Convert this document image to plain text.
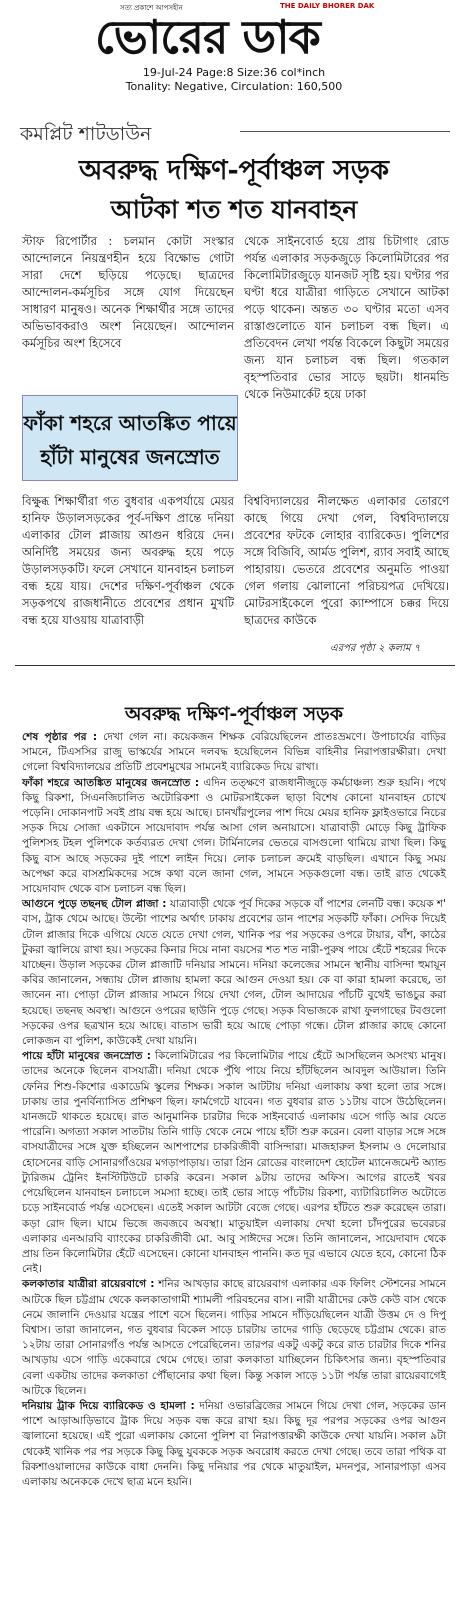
সত্য প্রকাশে আপসহীন	THE DAILY BHORER DAK
ভোরের ডাক
19-Jul-24 Page:8 Size:36 col*inch
Tonality: Negative, Circulation: 160,500
কমপ্লিট শাটডাউন
অবরুদ্ধ দক্ষিণ-পূর্বাঞ্চল সড়ক
আটকা শত শত যানবাহন
স্টাফ রিপোর্টার : চলমান কোটা সংস্কার আন্দোলনে নিয়ন্ত্রণহীন হয়ে বিক্ষোভ গোটা সারা দেশে ছড়িয়ে পড়েছে। ছাত্রদের আন্দোলন-কর্মসূচির সঙ্গে যোগ দিয়েছেন সাধারণ মানুষও। অনেক শিক্ষার্থীর সঙ্গে তাদের অভিভাবকরাও অংশ নিয়েছেন। আন্দোলন কর্মসূচির অংশ হিসেবে
থেকে সাইনবোর্ড হয়ে প্রায় চিটাগাং রোড পর্যন্ত এলাকার সড়কজুড়ে কিলোমিটারের পর কিলোমিটারজুড়ে যানজট সৃষ্টি হয়। ঘণ্টার পর ঘণ্টা ধরে যাত্রীরা গাড়িতে সেখানে আটকা পড়ে থাকেন। অন্তত ৩০ ঘণ্টার মতো এসব রাস্তাগুলোতে যান চলাচল বন্ধ ছিল। এ প্রতিবেদন লেখা পর্যন্ত বিকেলে কিছুটা সময়ের জন্য যান চলাচল বন্ধ ছিল। গতকাল বৃহস্পতিবার ভোর সাড়ে ছয়টা। ধানমন্ডি থেকে নিউমার্কেট হয়ে ঢাকা
ফাঁকা শহরে আতঙ্কিত পায়ে হাঁটা মানুষের জনস্রোত
বিক্ষুব্ধ শিক্ষার্থীরা গত বুধবার একপর্যায়ে মেয়র হানিফ উড়ালসড়কের পূর্ব-দক্ষিণ প্রান্তে দনিয়া এলাকার টোল প্লাজায় আগুন ধরিয়ে দেন। অনির্দিষ্ট সময়ের জন্য অবরুদ্ধ হয়ে পড়ে উড়ালসড়কটি। ফলে সেখানে যানবাহন চলাচল বন্ধ হয়ে যায়। দেশের দক্ষিণ-পূর্বাঞ্চল থেকে সড়কপথে রাজধানীতে প্রবেশের প্রধান মুখটি বন্ধ হয়ে যাওয়ায় যাত্রাবাড়ী
বিশ্ববিদ্যালয়ের নীলক্ষেত এলাকার তোরণে কাছে গিয়ে দেখা গেল, বিশ্ববিদ্যালয়ে প্রবেশের ফটকে লোহার ব্যারিকেড। পুলিশের সঙ্গে বিজিবি, আর্মড পুলিশ, র‍্যাব সবাই আছে পাহারায়। ভেতরে প্রবেশের অনুমতি পাওয়া গেল গলায় ঝোলানো পরিচয়পত্র দেখিয়ে। মোটরসাইকেলে পুরো ক্যাম্পাসে চক্কর দিয়ে ছাত্রদের কাউকে
এরপর পৃষ্ঠা ২ কলাম ৭
অবরুদ্ধ দক্ষিণ-পূর্বাঞ্চল সড়ক
শেষ পৃষ্ঠার পর : দেখা গেল না। কয়েকজন শিক্ষক বেরিয়েছিলেন প্রাতঃভ্রমণে। উপাচার্যের বাড়ির সামনে, টিএসসির রাজু ভাস্কর্যের সামনে দলবদ্ধ হয়েছিলেন বিভিন্ন বাহিনীর নিরাপত্তারক্ষীরা। দেখা গেলো বিশ্ববিদ্যালয়ের প্রতিটি প্রবেশমুখের সামনেই ব্যারিকেড দিয়ে রাখা।
ফাঁকা শহরে আতঙ্কিত মানুষের জনস্রোত : এদিন তত্ক্ষণে রাজধানীজুড়ে কর্মচাঞ্চল্য শুরু হয়নি। পথে কিছু রিকশা, সিএনজিচালিত অটোরিকশা ও মোটরসাইকেল ছাড়া বিশেষ কোনো যানবাহন চোখে পড়েনি। দোকানপাট সবই প্রায় বন্ধ হয়ে আছে। চানখাঁরপুলের পাশ দিয়ে মেয়র হানিফ ফ্লাইওভারে নিচের সড়ক দিয়ে সোজা একটানে সায়েদাবাদ পর্যন্ত আসা গেল অনায়াসে। যাত্রাবাড়ী মোড়ে কিছু ট্রাফিক পুলিশসহ টহল পুলিশকে কর্তব্যরত দেখা গেল। টার্মিনালের ভেতরে বাসগুলো থামিয়ে রাখা ছিল। কিছু কিছু বাস আছে সড়কের দুই পাশে লাইন দিয়ে। লোক চলাচল ক্রমেই বাড়ছিল। এখানে কিছু সময় অপেক্ষা করে বাসশ্রমিকদের সঙ্গে কথা বলে জানা গেল, সামনে সড়কগুলো বন্ধ। তাই রাত থেকেই সায়েদাবাদ থেকে বাস চলাচল বন্ধ ছিল।
আগুনে পুড়ে তছনছ টোল প্লাজা : যাত্রাবাড়ী থেকে পূর্ব দিকের সড়কে বাঁ পাশের লেনটি বন্ধ। কয়েক শ' বাস, ট্রাক থেমে আছে। উল্টো পাশের অর্থাৎ ঢাকায় প্রবেশের ডান পাশের সড়কটি ফাঁকা। সেদিক দিয়েই টোল প্লাজার দিকে এগিয়ে যেতে যেতে দেখা গেল, খানিক পর পর সড়কের ওপরে টায়ার, বাঁশ, কাঠের টুকরা জ্বালিয়ে রাখা হয়। সড়কের কিনার দিয়ে নানা বয়সের শত শত নারী-পুরুষ পায়ে হেঁটে শহরের দিকে যাচ্ছেন। উড়াল সড়কের টোল প্লাজাটি দনিয়ার সামনে। দনিয়া কলেজের সামনে স্থানীয় বাসিন্দা হুমায়ূন কবির জানালেন, সন্ধ্যায় টোল প্লাজায় হামলা করে আগুন দেওয়া হয়। কে বা কারা হামলা করেছে, তা জানেন না। পোড়া টোল প্লাজার সামনে গিয়ে দেখা গেল, টোল আদায়ের পাঁচটি বুথেই ভাঙচুর করা হয়েছে। তছনছ অবস্থা। আগুনে ওপরের ছাউনি পুড়ে গেছে। সড়ক বিভাজকে রাখা ফুলগাছের টবগুলো সড়কের ওপর ছত্রখান হয়ে আছে। বাতাস ভারী হয়ে আছে পোড়া গন্ধে। টোল প্লাজার কাছে কোনো লোকজন বা পুলিশ, কাউকেই দেখা যায়নি।
পায়ে হাঁটা মানুষের জনস্রোত : কিলোমিটারের পর কিলোমিটার পায়ে হেঁটে আসছিলেন অসংখ্য মানুষ। তাদের অনেকে ছিলেন বাসযাত্রী। দনিয়া থেকে পুঁথি পায়ে নিয়ে হাঁটছিলেন আবদুল আউয়াল। তিনি ফেনির শিশু-কিশোর একাডেমি স্কুলের শিক্ষক। সকাল আটটায় দনিয়া এলাকায় কথা হলো তার সঙ্গে। ঢাকায় তার পুনর্বিন্যাসিত প্রশিক্ষণ ছিল। ফার্মগেটে যাবেন। গত বুধবার রাত ১১টায় বাসে উঠেছিলেন। যানজটে থাকতে হয়েছে। রাত আনুমানিক চারটার দিকে সাইনবোর্ড এলাকায় এসে গাড়ি আর যেতে পারেনি। অগত্যা সকাল সাতটায় তিনি গাড়ি থেকে নেমে পায়ে হাঁটা শুরু করেন। বেলা বাড়ার সঙ্গে সঙ্গে বাসযাত্রীদের সঙ্গে যুক্ত হচ্ছিলেন আশপাশের চাকরিজীবী বাসিন্দারা। মাজহারুল ইসলাম ও দেলোয়ার হোসেনের বাড়ি সোনারগাঁওয়ের মগড়াপাড়ায়। তারা গ্রিন রোডের বাংলাদেশ হোটেল ম্যানেজমেন্ট অ্যান্ড ট্যুরিজম ট্রেনিং ইনস্টিটিউটে চাকরি করেন। সকাল ৯টায় তাদের অফিস। আগের রাতেই খবর পেয়েছিলেন যানবাহন চলাচলে সমস্যা হচ্ছে। তাই ভোর সাড়ে পাঁচটায় রিকশা, ব্যাটারিচালিত অটোতে চড়ে সাইনবোর্ড পর্যন্ত এসেছেন। এতেই সকাল আটটা বেজে গেছে। এরপর হাঁটতে শুরু করেছেন তারা। কড়া রোদ ছিল। ঘামে ভিজে জবজবে অবস্থা। মাতুয়াইল এলাকায় দেখা হলো চাঁদপুরের ভবেরচর এলাকার এনআরবি ব্যাংকের চাকরিজীবী মো. আবু সাঈদের সঙ্গে। তিনি জানালেন, সায়েদাবাদ থেকে প্রায় তিন কিলোমিটার হেঁটে এসেছেন। কোনো যানবাহন পাননি। কত দূর এভাবে যেতে হবে, কোনো ঠিক নেই।
কলকাতার যাত্রীরা রায়েরবাগে : শনির আখড়ার কাছে রায়েরবাগ এলাকার এক ফিলিং স্টেশনের সামনে আটকে ছিল চট্টগ্রাম থেকে কলকাতাগামী শ্যামলী পরিবহনের বাস। নারী যাত্রীদের কেউ কেউ বাস থেকে নেমে জালানি দেওয়ার যন্ত্রের পাশে বসে ছিলেন। গাড়ির সামনে দাঁড়িয়েছিলেন যাত্রী উত্তম দে ও দিপু বিশ্বাস। তারা জানালেন, গত বুধবার বিকেল সাড়ে চারটায় তাদের গাড়ি ছেড়েছে চট্টগ্রাম থেকে। রাত ১২টায় তারা সোনারগাঁও পর্যন্ত আসতে পেরেছিলেন। তারপর একটু একটু করে রাত চারটার দিকে শনির আখড়ায় এসে গাড়ি একেবারে থেমে গেছে। তারা কলকাতা যাচ্ছিলেন চিকিৎসার জন্য। বৃহস্পতিবার বেলা একটায় তাদের কলকাতা পৌঁছানোর কথা ছিল। কিন্তু সকাল সাড়ে ১১টা পর্যন্ত তারা রায়েরবাগেই আটকে ছিলেন।
দনিয়ায় ট্রাক দিয়ে ব্যারিকেড ও হামলা : দনিয়া ওভারব্রিজের সামনে গিয়ে দেখা গেল, সড়কের ডান পাশে আড়াআড়িভাবে ট্রাক দিয়ে সড়ক বন্ধ করে রাখা হয়। কিছু দূর পরপর সড়কের ওপর আগুন জ্বালানো হয়েছে। এই পুরো এলাকায় কোনো পুলিশ বা নিরাপত্তারক্ষী কাউকে দেখা যায়নি। সকাল ৯টা থেকেই খানিক পর পর সড়কে কিছু কিছু যুবককে সড়ক অবরোধ করতে দেখা গেছে। তবে তারা পথিক বা রিকশাওয়ালাদের কাউকে বাধা দেননি। কিছু দনিয়ার পর থেকে মাতুয়াইল, মদনপুর, সানারপাড়া এসব এলাকায় অনেককে দেখে ছাত্র মনে হয়নি।
